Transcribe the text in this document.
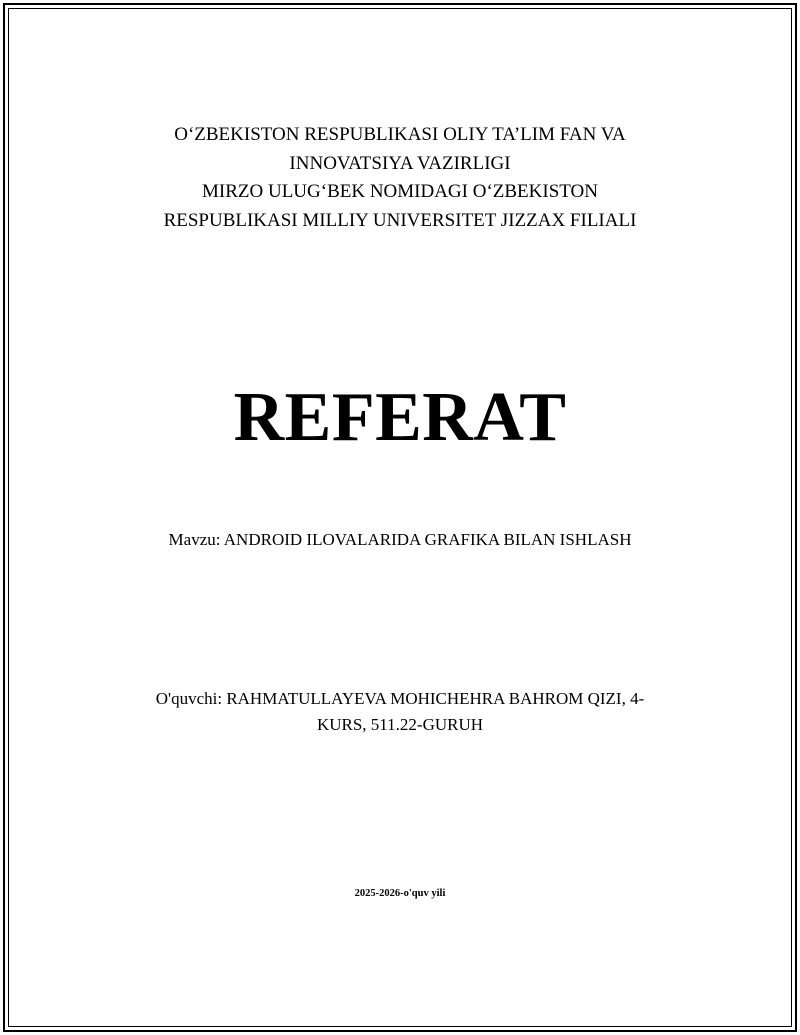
O‘ZBEKISTON RESPUBLIKASI OLIY TA’LIM FAN VA
INNOVATSIYA VAZIRLIGI
MIRZO ULUG‘BEK NOMIDAGI O‘ZBEKISTON
RESPUBLIKASI MILLIY UNIVERSITET JIZZAX FILIALI
REFERAT
Mavzu: ANDROID ILOVALARIDA GRAFIKA BILAN ISHLASH
O'quvchi: RAHMATULLAYEVA MOHICHEHRA BAHROM QIZI, 4-
KURS, 511.22-GURUH
2025-2026-o'quv yili
